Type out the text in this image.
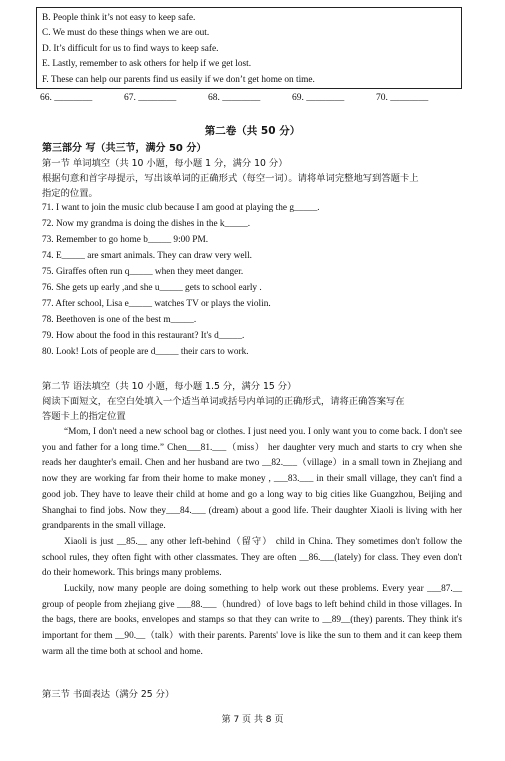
B. People think it’s not easy to keep safe.
C. We must do these things when we are out.
D. It’s difficult for us to find ways to keep safe.
E. Lastly, remember to ask others for help if we get lost.
F. These can help our parents find us easily if we don’t get home on time.
66. ________	67. ________	68. ________	69. ________	70. ________
第二卷（共 50 分）
第三部分 写（共三节，满分 50 分）
第一节 单词填空（共 10 小题，每小题 1 分，满分 10 分）
根据句意和首字母提示，写出该单词的正确形式（每空一词）。请将单词完整地写到答题卡上
指定的位置。
71. I want to join the music club because I am good at playing the g_____.
72. Now my grandma is doing the dishes in the k_____.
73. Remember to go home b_____ 9:00 PM.
74. E_____ are smart animals. They can draw very well.
75. Giraffes often run q_____ when they meet danger.
76. She gets up early ,and she u_____ gets to school early .
77. After school, Lisa e_____ watches TV or plays the violin.
78. Beethoven is one of the best m_____.
79. How about the food in this restaurant? It's d_____.
80. Look! Lots of people are d_____ their cars to work.
第二节 语法填空（共 10 小题，每小题 1.5 分，满分 15 分）
阅读下面短文，在空白处填入一个适当单词或括号内单词的正确形式，请将正确答案写在
答题卡上的指定位置

“Mom, I don't need a new school bag or clothes. I just need you. I only want you to come back. I don't see you and father for a long time.” Chen___81.___（miss） her daughter very much and starts to cry when she reads her daughter's email. Chen and her husband are two __82.___（village）in a small town in Zhejiang and now they are working far from their home to make money , ___83.___ in their small village, they can't find a good job. They have to leave their child at home and go a long way to big cities like Guangzhou, Beijing and Shanghai to find jobs. Now they___84.___ (dream) about a good life. Their daughter Xiaoli is living with her grandparents in the small village.

Xiaoli is just __85.__ any other left-behind（留守） child in China. They sometimes don't follow the school rules, they often fight with other classmates. They are often __86.___(lately) for class. They even don't do their homework. This brings many problems.

Luckily, now many people are doing something to help work out these problems. Every year ___87.__ group of people from zhejiang give ___88.___（hundred）of love bags to left behind child in those villages. In the bags, there are books, envelopes and stamps so that they can write to __89__(they) parents. They think it's important for them __90.__（talk）with their parents. Parents' love is like the sun to them and it can keep them warm all the time both at school and home.

第三节 书面表达（满分 25 分）
第 7 页 共 8 页
